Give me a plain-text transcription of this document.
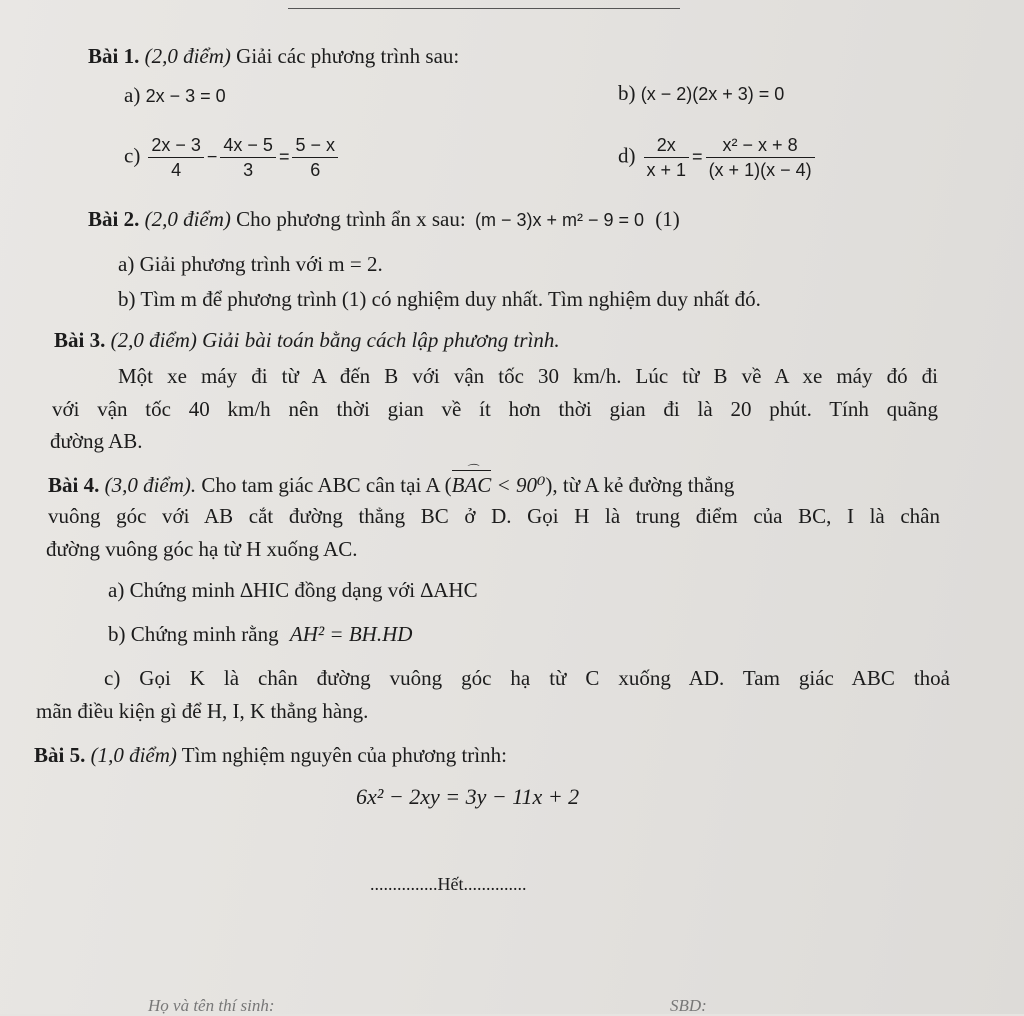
Bài 1. (2,0 điểm) Giải các phương trình sau:
a) 2x − 3 = 0	b) (x − 2)(2x + 3) = 0
$c) \frac{2x - 3}{4} - \frac{4x - 5}{3} = \frac{5 - x}{6}$	$d) \frac{2x}{x + 1} = \frac{\text{x² − x + 8}}{(x + 1)(x - 4)}$
Bài 2. (2,0 điểm) Cho phương trình ẩn x sau: (m − 3)x + m² − 9 = 0 (1)
a) Giải phương trình với m = 2.
b) Tìm m để phương trình (1) có nghiệm duy nhất. Tìm nghiệm duy nhất đó.
Bài 3. (2,0 điểm) Giải bài toán bằng cách lập phương trình.
Một xe máy đi từ A đến B với vận tốc 30 km/h. Lúc từ B về A xe máy đó đi
với vận tốc 40 km/h nên thời gian về ít hơn thời gian đi là 20 phút. Tính quãng
đường AB.
Bài 4. (3,0 điểm). Cho tam giác ABC cân tại A (⌒ BAC < 90⁰), từ A kẻ đường thẳng
vuông góc với AB cắt đường thẳng BC ở D. Gọi H là trung điểm của BC, I là chân
đường vuông góc hạ từ H xuống AC.
a) Chứng minh ∆HIC đồng dạng với ∆AHC
b) Chứng minh rằng AH² = BH.HD
c) Gọi K là chân đường vuông góc hạ từ C xuống AD. Tam giác ABC thoả
mãn điều kiện gì để H, I, K thẳng hàng.
Bài 5. (1,0 điểm) Tìm nghiệm nguyên của phương trình:
6x² − 2xy = 3y − 11x + 2
...............Hết..............
Họ và tên thí sinh:	SBD:
